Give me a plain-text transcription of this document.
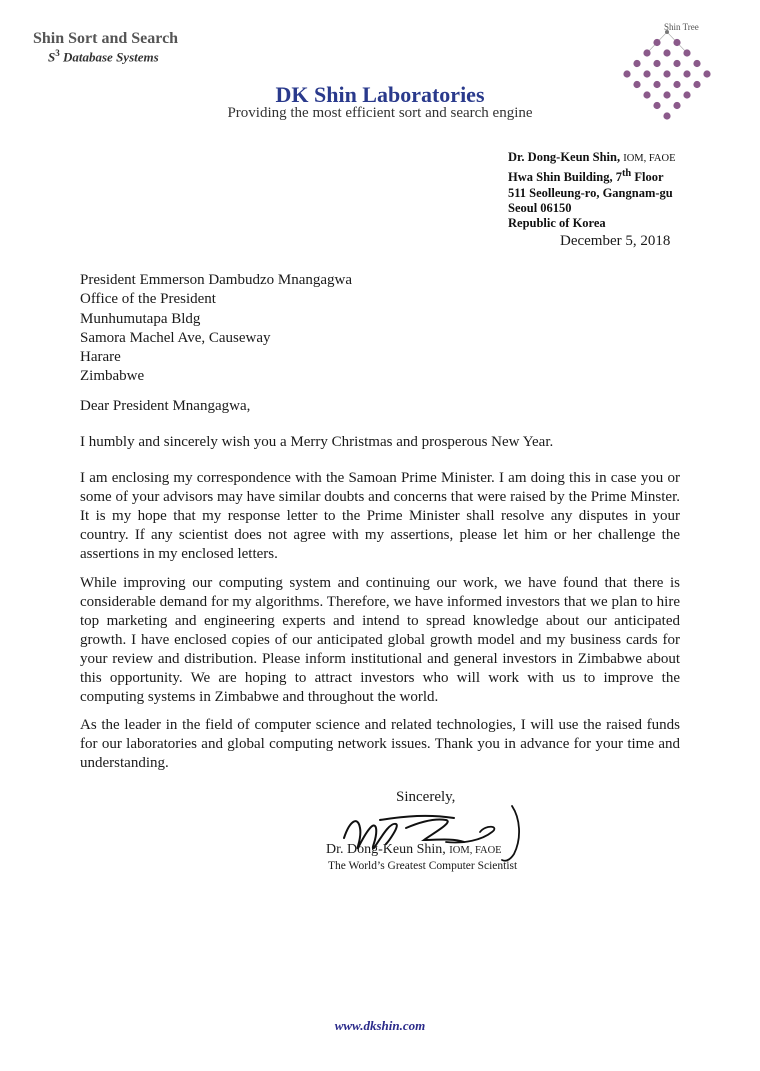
Shin Sort and Search
$S^3$ Database Systems
Shin Tree
DK Shin Laboratories
Providing the most efficient sort and search engine
Dr. Dong-Keun Shin, IOM, FAOE
Hwa Shin Building, 7th Floor
511 Seolleung-ro, Gangnam-gu
Seoul 06150
Republic of Korea
December 5, 2018
President Emmerson Dambudzo Mnangagwa
Office of the President
Munhumutapa Bldg
Samora Machel Ave, Causeway
Harare
Zimbabwe
Dear President Mnangagwa,

I humbly and sincerely wish you a Merry Christmas and prosperous New Year.

I am enclosing my correspondence with the Samoan Prime Minister. I am doing this in case you or some of your advisors may have similar doubts and concerns that were raised by the Prime Minster. It is my hope that my response letter to the Prime Minister shall resolve any disputes in your country. If any scientist does not agree with my assertions, please let him or her challenge the assertions in my enclosed letters.

While improving our computing system and continuing our work, we have found that there is considerable demand for my algorithms. Therefore, we have informed investors that we plan to hire top marketing and engineering experts and intend to spread knowledge about our anticipated growth. I have enclosed copies of our anticipated global growth model and my business cards for your review and distribution. Please inform institutional and general investors in Zimbabwe about this opportunity. We are hoping to attract investors who will work with us to improve the computing systems in Zimbabwe and throughout the world.

As the leader in the field of computer science and related technologies, I will use the raised funds for our laboratories and global computing network issues. Thank you in advance for your time and understanding.

Sincerely,
Dr. Dong-Keun Shin, IOM, FAOE
The World’s Greatest Computer Scientist
www.dkshin.com
